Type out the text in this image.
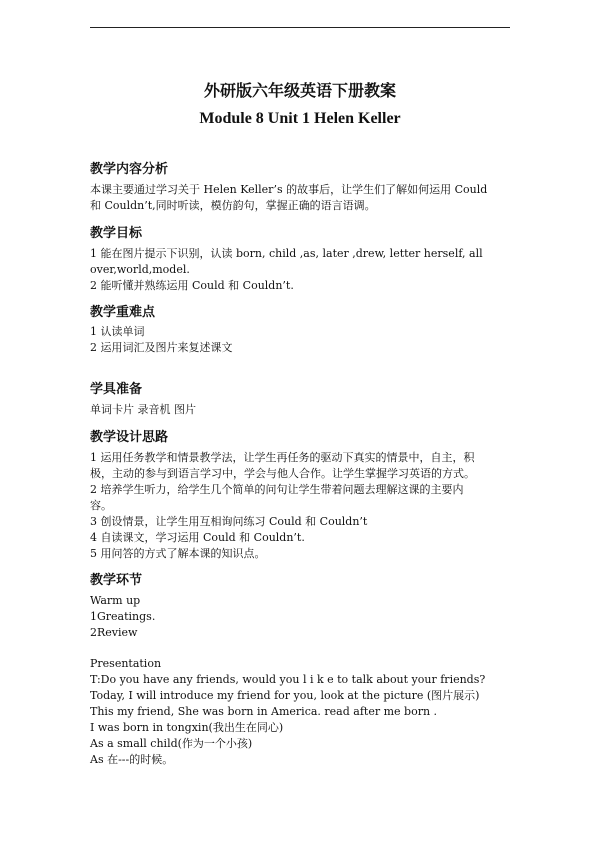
外研版六年级英语下册教案
Module 8 Unit 1 Helen Keller
教学内容分析
本课主要通过学习关于 Helen Keller’s 的故事后，让学生们了解如何运用 Could
和 Couldn’t,同时听读，模仿韵句，掌握正确的语言语调。
教学目标
1 能在图片提示下识别，认读 born, child ,as, later ,drew, letter herself, all
over,world,model.
2 能听懂并熟练运用 Could 和 Couldn’t.
教学重难点
1 认读单词
2 运用词汇及图片来复述课文
学具准备
单词卡片 录音机 图片
教学设计思路
1 运用任务教学和情景教学法，让学生再任务的驱动下真实的情景中，自主，积
极，主动的参与到语言学习中，学会与他人合作。让学生掌握学习英语的方式。
2 培养学生听力，给学生几个简单的问句让学生带着问题去理解这课的主要内
容。
3 创设情景，让学生用互相询问练习 Could 和 Couldn’t
4 自读课文，学习运用 Could 和 Couldn’t.
5 用问答的方式了解本课的知识点。
教学环节
Warm up
1Greatings.
2Review
Presentation
T:Do you have any friends, would you l i k e to talk about your friends?
Today, I will introduce my friend for you, look at the picture (图片展示)
This my friend, She was born in America. read after me born .
I was born in tongxin(我出生在同心)
As a small child(作为一个小孩)
As 在---的时候。
